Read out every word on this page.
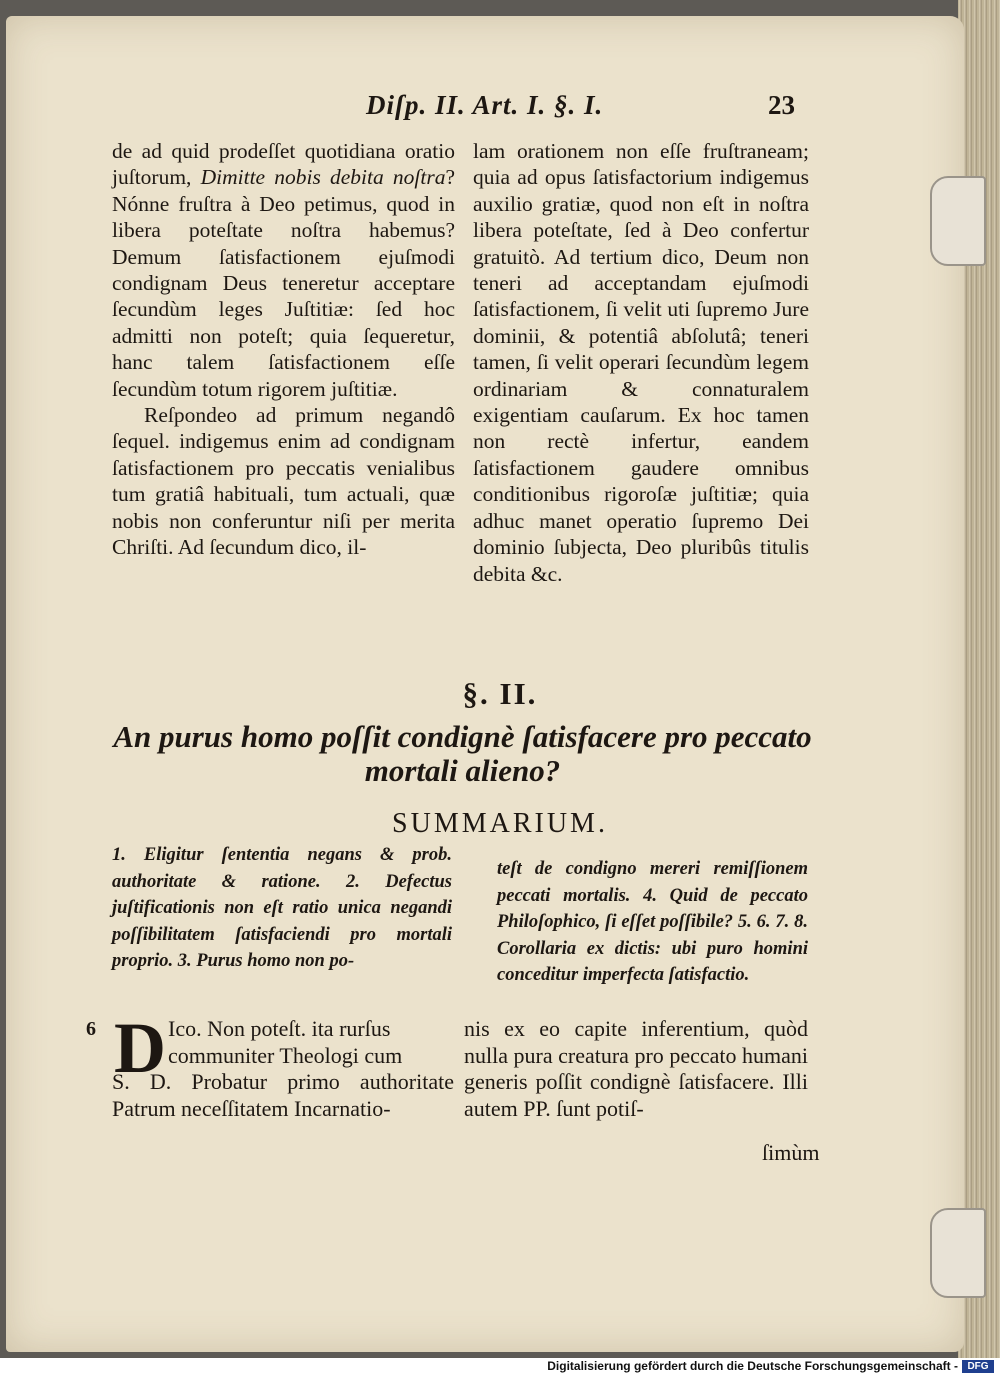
Diſp. II. Art. I. §. I.	23

de ad quid prodeſſet quotidiana oratio juſtorum, Dimitte nobis debita noſtra? Nónne fruſtra à Deo petimus, quod in libera poteſtate noſtra habemus? Demum ſatisfactionem ejuſmodi condignam Deus teneretur acceptare ſecundùm leges Juſtitiæ: ſed hoc admitti non poteſt; quia ſequeretur, hanc talem ſatisfactionem eſſe ſecundùm totum rigorem juſtitiæ.

Reſpondeo ad primum negandô ſequel. indigemus enim ad condignam ſatisfactionem pro peccatis venialibus tum gratiâ habituali, tum actuali, quæ nobis non conferuntur niſi per merita Chriſti. Ad ſecundum dico, il-

lam orationem non eſſe fruſtraneam; quia ad opus ſatisfactorium indigemus auxilio gratiæ, quod non eſt in noſtra libera poteſtate, ſed à Deo confertur gratuitò. Ad tertium dico, Deum non teneri ad acceptandam ejuſmodi ſatisfactionem, ſi velit uti ſupremo Jure dominii, & potentiâ abſolutâ; teneri tamen, ſi velit operari ſecundùm legem ordinariam & connaturalem exigentiam cauſarum. Ex hoc tamen non rectè infertur, eandem ſatisfactionem gaudere omnibus conditionibus rigoroſæ juſtitiæ; quia adhuc manet operatio ſupremo Dei dominio ſubjecta, Deo pluribûs titulis debita &c.

§. II.
An purus homo poſſit condignè ſatisfacere pro peccato mortali alieno?
SUMMARIUM.

1. Eligitur ſententia negans & prob. authoritate & ratione. 2. Defectus juſtificationis non eſt ratio unica negandi poſſibilitatem ſatisfaciendi pro mortali proprio. 3. Purus homo non po-

teſt de condigno mereri remiſſionem peccati mortalis. 4. Quid de peccato Philoſophico, ſi eſſet poſſibile? 5. 6. 7. 8. Corollaria ex dictis: ubi puro homini conceditur imperfecta ſatisfactio.

6 D Ico. Non poteſt. ita rurſus

communiter Theologi cum

S. D. Probatur primo authoritate Patrum neceſſitatem Incarnatio-

nis ex eo capite inferentium, quòd nulla pura creatura pro peccato humani generis poſſit condignè ſatisfacere. Illi autem PP. ſunt potiſ-

ſimùm
Digitalisierung gefördert durch die Deutsche Forschungsgemeinschaft - DFG
